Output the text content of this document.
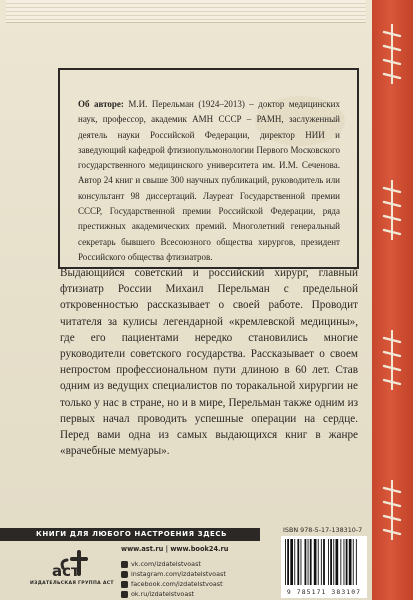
Об авторе: М.И. Перельман (1924–2013) – доктор медицинских наук, профессор, академик АМН СССР – РАМН, заслуженный деятель науки Российской Федерации, директор НИИ и заведующий кафедрой фтизиопульмонологии Первого Московского государственного медицинского университета им. И.М. Сеченова. Автор 24 книг и свыше 300 научных публикаций, руководитель или консультант 98 диссертаций. Лауреат Государственной премии СССР, Государственной премии Российской Федерации, ряда престижных академических премий. Многолетний генеральный секретарь бывшего Всесоюзного общества хирургов, президент Российского общества фтизиатров.
Выдающийся советский и российский хирург, главный фтизиатр России Михаил Перельман с предельной откровенностью рассказывает о своей работе. Проводит читателя за кулисы легендарной «кремлевской медицины», где его пациентами нередко становились многие руководители советского государства. Рассказывает о своем непростом профессиональном пути длиною в 60 лет. Став одним из ведущих специалистов по торакальной хирургии не только у нас в стране, но и в мире, Перельман также одним из первых начал проводить успешные операции на сердце. Перед вами одна из самых выдающихся книг в жанре «врачебные мемуары».
КНИГИ ДЛЯ ЛЮБОГО НАСТРОЕНИЯ ЗДЕСЬ
аст
ИЗДАТЕЛЬСКАЯ ГРУППА АСТ
www.ast.ru | www.book24.ru
vk.com/izdatelstvoast
instagram.com/izdatelstvoast
facebook.com/izdatelstvoast
ok.ru/izdatelstvoast
ISBN 978-5-17-138310-7
9 785171 383107
